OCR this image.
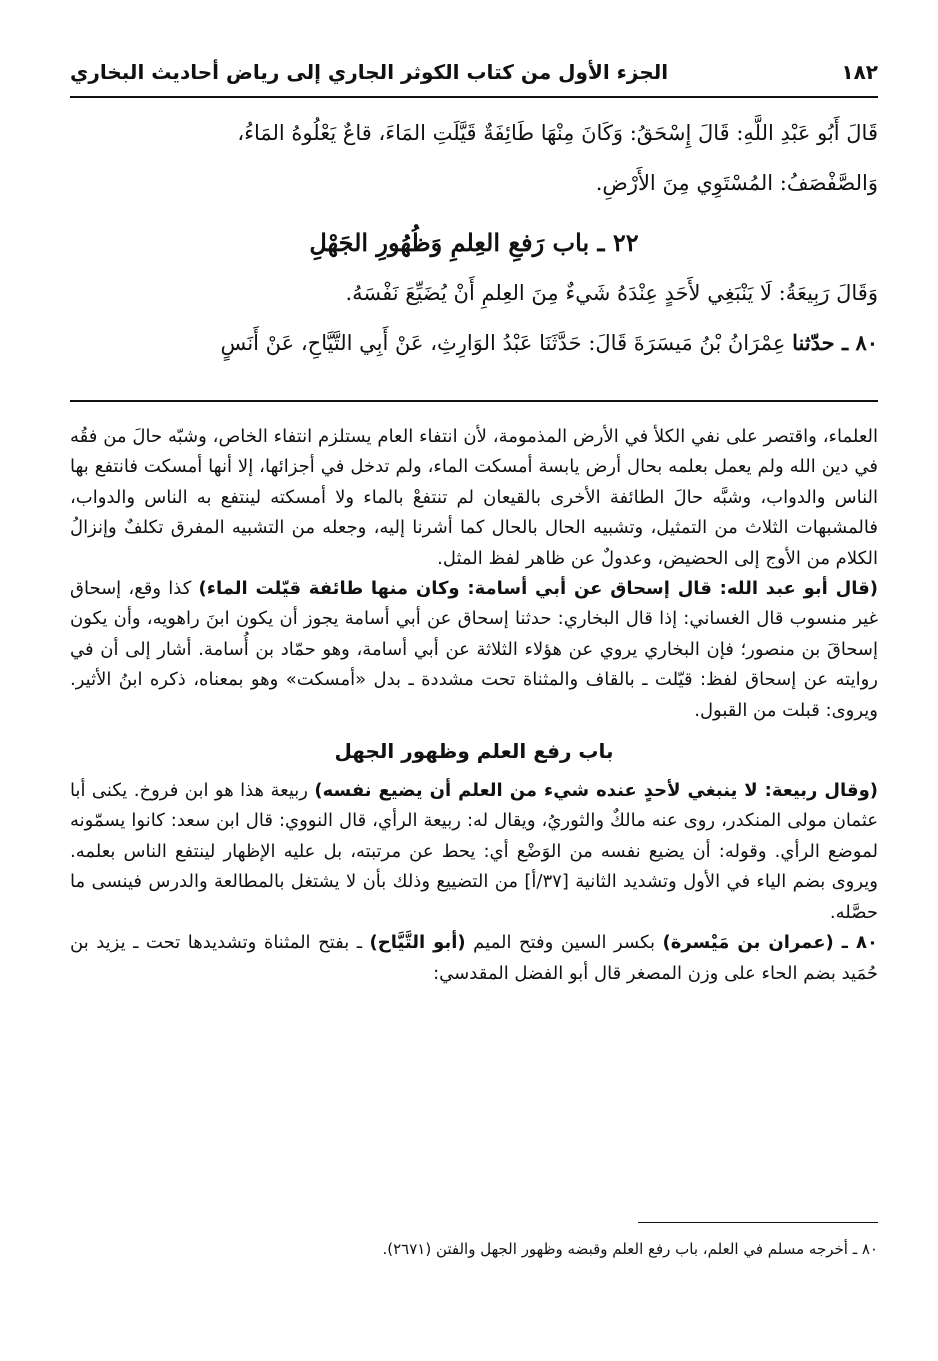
١٨٢
الجزء الأول من كتاب الكوثر الجاري إلى رياض أحاديث البخاري
قَالَ أَبُو عَبْدِ اللَّهِ: قَالَ إِسْحَقُ: وَكَانَ مِنْهَا طَائِفَةٌ قَيَّلَتِ المَاءَ، قاعٌ يَعْلُوهُ المَاءُ،
وَالصَّفْصَفُ: المُسْتَوِي مِنَ الأَرْضِ.
٢٢ ـ باب رَفعِ العِلمِ وَظُهُورِ الجَهْلِ
وَقَالَ رَبِيعَةُ: لَا يَنْبَغِي لأَحَدٍ عِنْدَهُ شَيءٌ مِنَ العِلمِ أَنْ يُضَيِّعَ نَفْسَهُ.
٨٠ ـ حدّثنا عِمْرَانُ بْنُ مَيسَرَةَ قَالَ: حَدَّثَنَا عَبْدُ الوَارِثِ، عَنْ أَبِي التَّيَّاحِ، عَنْ أَنَسٍ

العلماء، واقتصر على نفي الكلأ في الأرض المذمومة، لأن انتفاء العام يستلزم انتفاء الخاص، وشبّه حالَ من فقُه في دين الله ولم يعمل بعلمه بحال أرض يابسة أمسكت الماء، ولم تدخل في أجزائها، إلا أنها أمسكت فانتفع بها الناس والدواب، وشبَّه حالَ الطائفة الأخرى بالقيعان لم تنتفعْ بالماء ولا أمسكته لينتفع به الناس والدواب، فالمشبهات الثلاث من التمثيل، وتشبيه الحال بالحال كما أشرنا إليه، وجعله من التشبيه المفرق تكلفٌ وإنزالُ الكلام من الأوج إلى الحضيض، وعدولٌ عن ظاهر لفظ المثل.

(قال أبو عبد الله: قال إسحاق عن أبي أسامة: وكان منها طائفة قيّلت الماء) كذا وقع، إسحاق غير منسوب قال الغساني: إذا قال البخاري: حدثنا إسحاق عن أبي أسامة يجوز أن يكون ابنَ راهويه، وأن يكون إسحاقَ بن منصور؛ فإن البخاري يروي عن هؤلاء الثلاثة عن أبي أسامة، وهو حمّاد بن أُسامة. أشار إلى أن في روايته عن إسحاق لفظ: قيّلت ـ بالقاف والمثناة تحت مشددة ـ بدل «أمسكت» وهو بمعناه، ذكره ابنُ الأثير. ويروى: قبلت من القبول.

باب رفع العلم وظهور الجهل

(وقال ربيعة: لا ينبغي لأحدٍ عنده شيء من العلم أن يضيع نفسه) ربيعة هذا هو ابن فروخ. يكنى أبا عثمان مولى المنكدر، روى عنه مالكٌ والثوريُ، ويقال له: ربيعة الرأي، قال النووي: قال ابن سعد: كانوا يسمّونه لموضع الرأي. وقوله: أن يضيع نفسه من الوَضْع أي: يحط عن مرتبته، بل عليه الإظهار لينتفع الناس بعلمه. ويروى بضم الياء في الأول وتشديد الثانية [٣٧/أ] من التضييع وذلك بأن لا يشتغل بالمطالعة والدرس فينسى ما حصَّله.

٨٠ ـ (عمران بن مَيْسرة) بكسر السين وفتح الميم (أبو التَّيَّاح) ـ بفتح المثناة وتشديدها تحت ـ يزيد بن حُمَيد بضم الحاء على وزن المصغر قال أبو الفضل المقدسي:

٨٠ ـ أخرجه مسلم في العلم، باب رفع العلم وقبضه وظهور الجهل والفتن (٢٦٧١).
